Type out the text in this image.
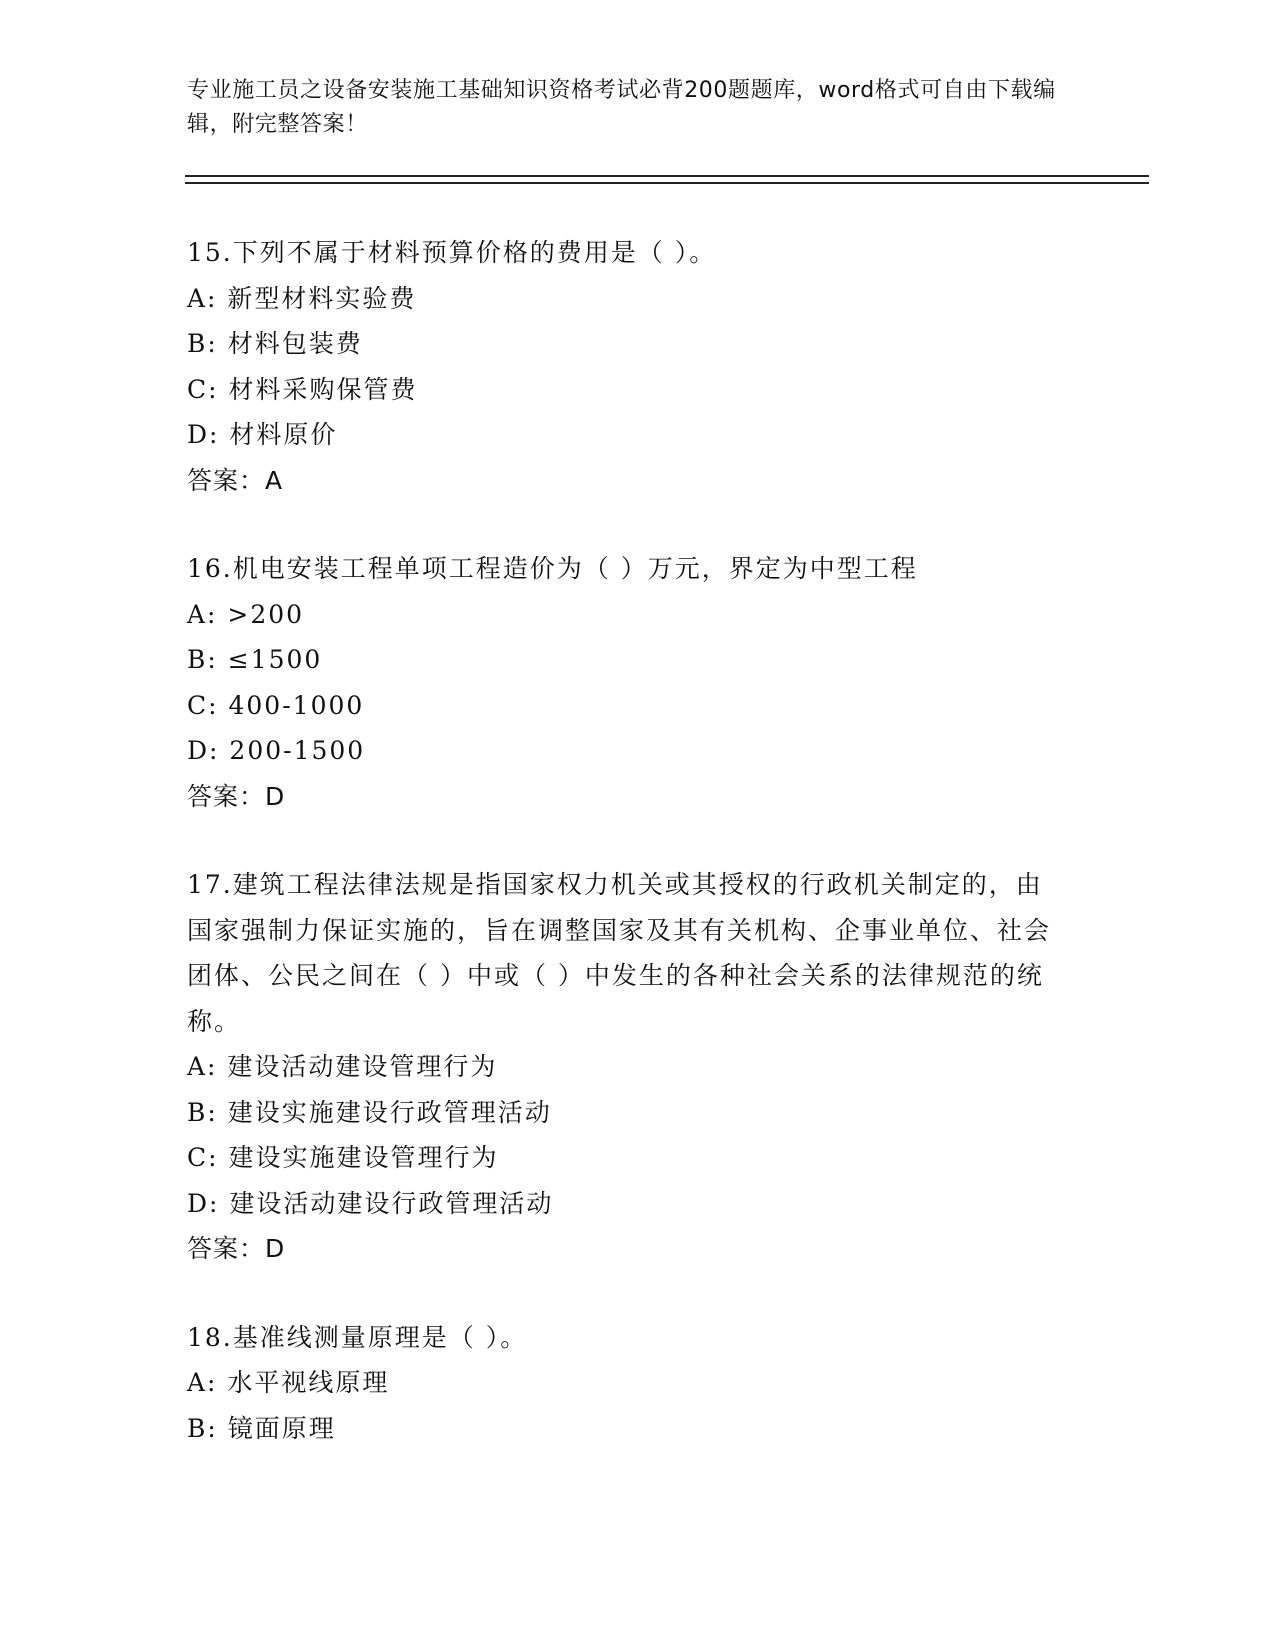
专业施工员之设备安装施工基础知识资格考试必背200题题库，word格式可自由下载编辑，附完整答案！
15.下列不属于材料预算价格的费用是（ ）。
A: 新型材料实验费
B: 材料包装费
C: 材料采购保管费
D: 材料原价
答案：A
16.机电安装工程单项工程造价为（ ）万元，界定为中型工程
A: >200
B: ≤1500
C: 400-1000
D: 200-1500
答案：D
17.建筑工程法律法规是指国家权力机关或其授权的行政机关制定的，由国家强制力保证实施的，旨在调整国家及其有关机构、企事业单位、社会团体、公民之间在（ ）中或（ ）中发生的各种社会关系的法律规范的统称。
A: 建设活动建设管理行为
B: 建设实施建设行政管理活动
C: 建设实施建设管理行为
D: 建设活动建设行政管理活动
答案：D
18.基准线测量原理是（ ）。
A: 水平视线原理
B: 镜面原理
